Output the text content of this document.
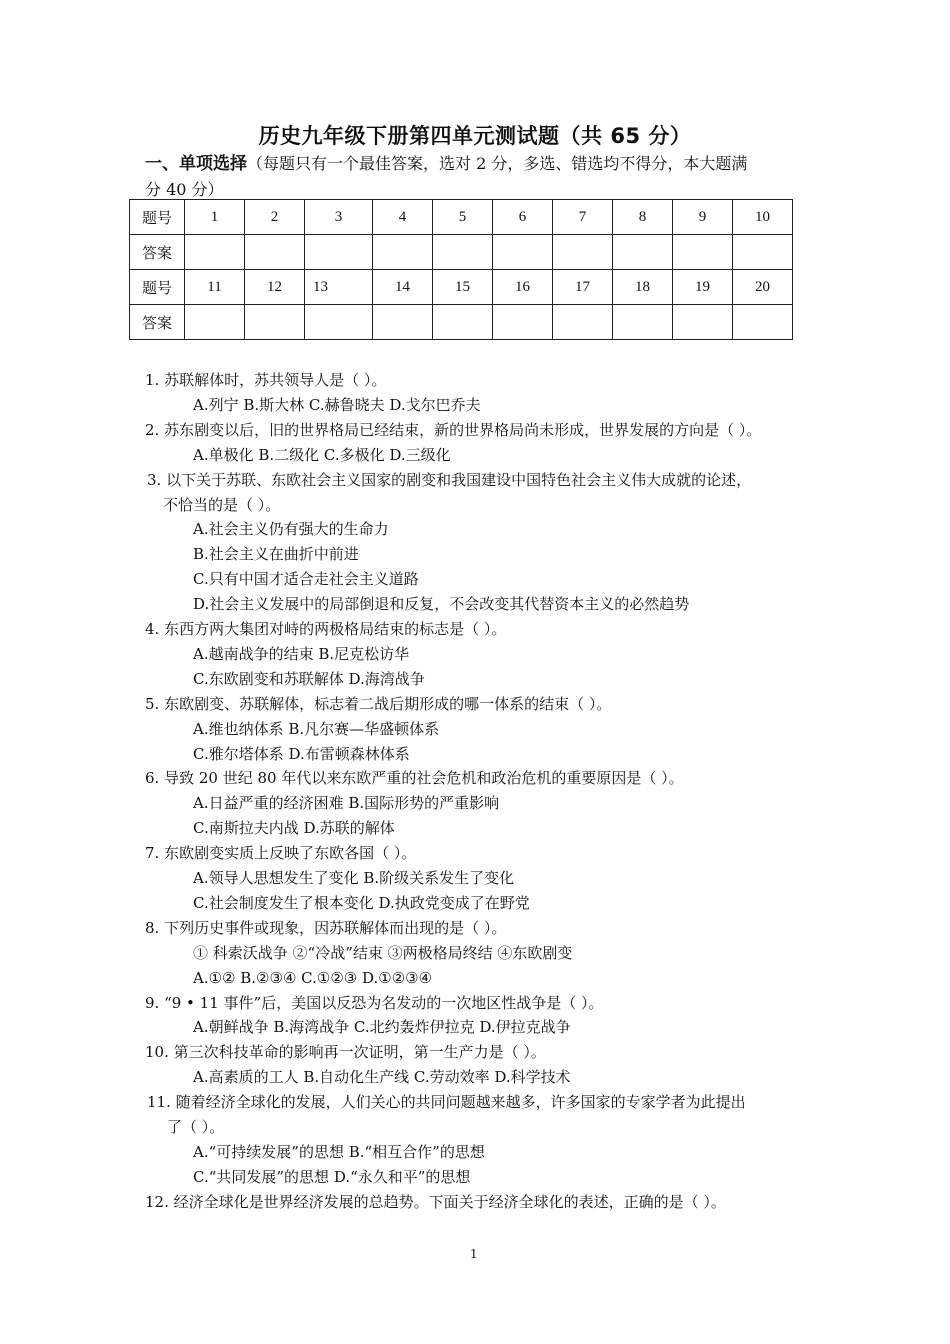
历史九年级下册第四单元测试题（共 65 分）
一、单项选择（每题只有一个最佳答案，选对 2 分，多选、错选均不得分，本大题满
分 40 分）
题号	1	2	3	4	5	6	7	8	9	10
答案										
题号	11	12	13	14	15	16	17	18	19	20
答案										
1. 苏联解体时，苏共领导人是（ ）。
A.列宁 B.斯大林 C.赫鲁晓夫 D.戈尔巴乔夫
2. 苏东剧变以后，旧的世界格局已经结束，新的世界格局尚未形成，世界发展的方向是（ ）。
A.单极化 B.二级化 C.多极化 D.三级化
3. 以下关于苏联、东欧社会主义国家的剧变和我国建设中国特色社会主义伟大成就的论述，
不恰当的是（ ）。
A.社会主义仍有强大的生命力
B.社会主义在曲折中前进
C.只有中国才适合走社会主义道路
D.社会主义发展中的局部倒退和反复，不会改变其代替资本主义的必然趋势
4. 东西方两大集团对峙的两极格局结束的标志是（ ）。
A.越南战争的结束 B.尼克松访华
C.东欧剧变和苏联解体 D.海湾战争
5. 东欧剧变、苏联解体，标志着二战后期形成的哪一体系的结束（ ）。
A.维也纳体系 B.凡尔赛—华盛顿体系
C.雅尔塔体系 D.布雷顿森林体系
6. 导致 20 世纪 80 年代以来东欧严重的社会危机和政治危机的重要原因是（ ）。
A.日益严重的经济困难 B.国际形势的严重影响
C.南斯拉夫内战 D.苏联的解体
7. 东欧剧变实质上反映了东欧各国（ ）。
A.领导人思想发生了变化 B.阶级关系发生了变化
C.社会制度发生了根本变化 D.执政党变成了在野党
8. 下列历史事件或现象，因苏联解体而出现的是（ ）。
① 科索沃战争 ②“冷战”结束 ③两极格局终结 ④东欧剧变
A.①② B.②③④ C.①②③ D.①②③④
9. “9 • 11 事件”后，美国以反恐为名发动的一次地区性战争是（ ）。
A.朝鲜战争 B.海湾战争 C.北约轰炸伊拉克 D.伊拉克战争
10. 第三次科技革命的影响再一次证明，第一生产力是（ ）。
A.高素质的工人 B.自动化生产线 C.劳动效率 D.科学技术
11. 随着经济全球化的发展，人们关心的共同问题越来越多，许多国家的专家学者为此提出
了（ ）。
A.“可持续发展”的思想 B.“相互合作”的思想
C.“共同发展”的思想 D.“永久和平”的思想
12. 经济全球化是世界经济发展的总趋势。下面关于经济全球化的表述，正确的是（ ）。
1
